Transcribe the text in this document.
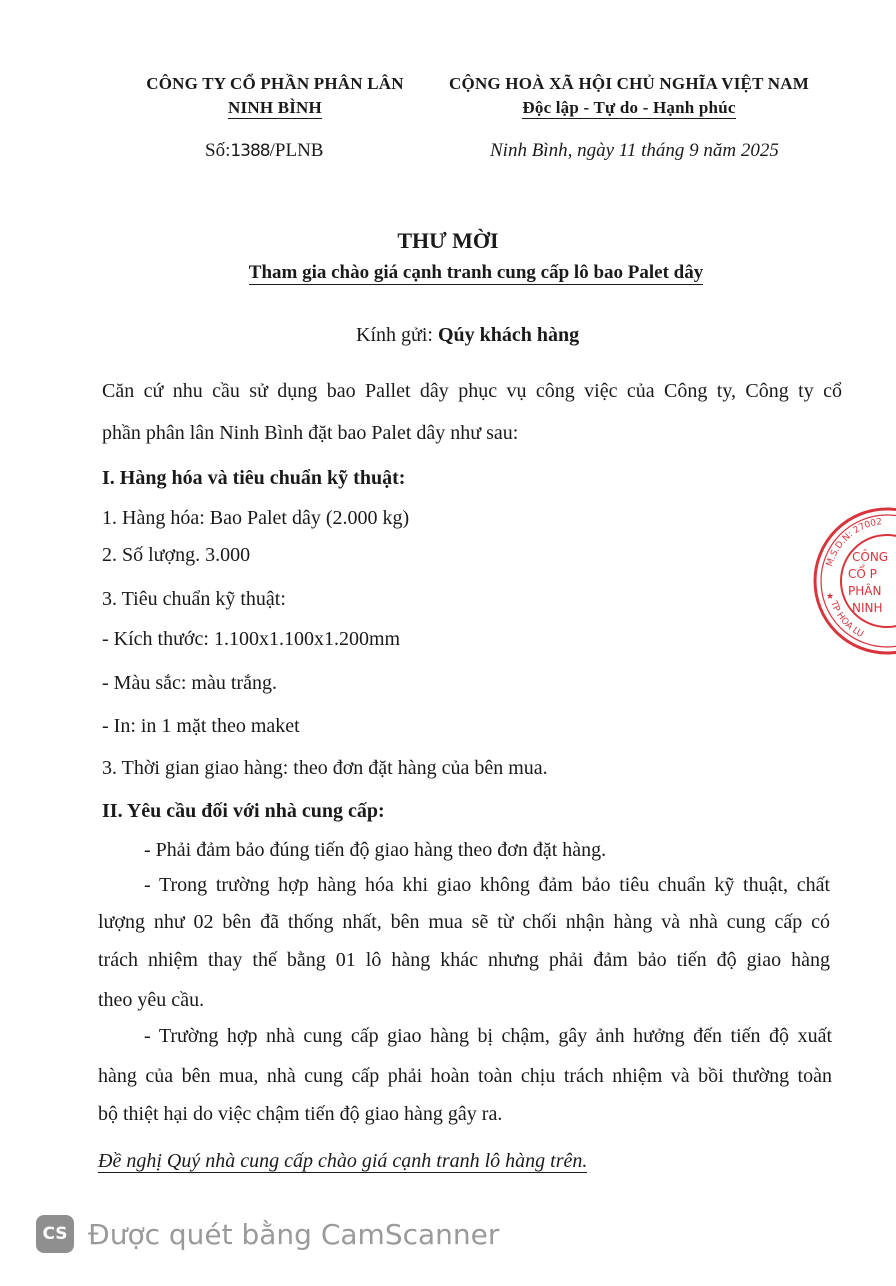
CÔNG TY CỔ PHẦN PHÂN LÂN
NINH BÌNH
CỘNG HOÀ XÃ HỘI CHỦ NGHĨA VIỆT NAM
Độc lập - Tự do - Hạnh phúc
Số:1388/PLNB	Ninh Bình, ngày 11 tháng 9 năm 2025
THƯ MỜI
Tham gia chào giá cạnh tranh cung cấp lô bao Palet dây
Kính gửi: Qúy khách hàng
Căn cứ nhu cầu sử dụng bao Pallet dây phục vụ công việc của Công ty, Công ty cổ
phần phân lân Ninh Bình đặt bao Palet dây như sau:
I. Hàng hóa và tiêu chuẩn kỹ thuật:
1. Hàng hóa: Bao Palet dây (2.000 kg)
2. Số lượng. 3.000
3. Tiêu chuẩn kỹ thuật:
- Kích thước: 1.100x1.100x1.200mm
- Màu sắc: màu trắng.
- In: in 1 mặt theo maket
3. Thời gian giao hàng: theo đơn đặt hàng của bên mua.
II. Yêu cầu đối với nhà cung cấp:
- Phải đảm bảo đúng tiến độ giao hàng theo đơn đặt hàng.
- Trong trường hợp hàng hóa khi giao không đảm bảo tiêu chuẩn kỹ thuật, chất
lượng như 02 bên đã thống nhất, bên mua sẽ từ chối nhận hàng và nhà cung cấp có
trách nhiệm thay thế bằng 01 lô hàng khác nhưng phải đảm bảo tiến độ giao hàng
theo yêu cầu.
- Trường hợp nhà cung cấp giao hàng bị chậm, gây ảnh hưởng đến tiến độ xuất
hàng của bên mua, nhà cung cấp phải hoàn toàn chịu trách nhiệm và bồi thường toàn
bộ thiệt hại do việc chậm tiến độ giao hàng gây ra.
Đề nghị Quý nhà cung cấp chào giá cạnh tranh lô hàng trên.
M.S.D.N: 27002
TP HOA LU
CÔNG
CỔ P
PHÂN
NINH
★
CS Được quét bằng CamScanner
